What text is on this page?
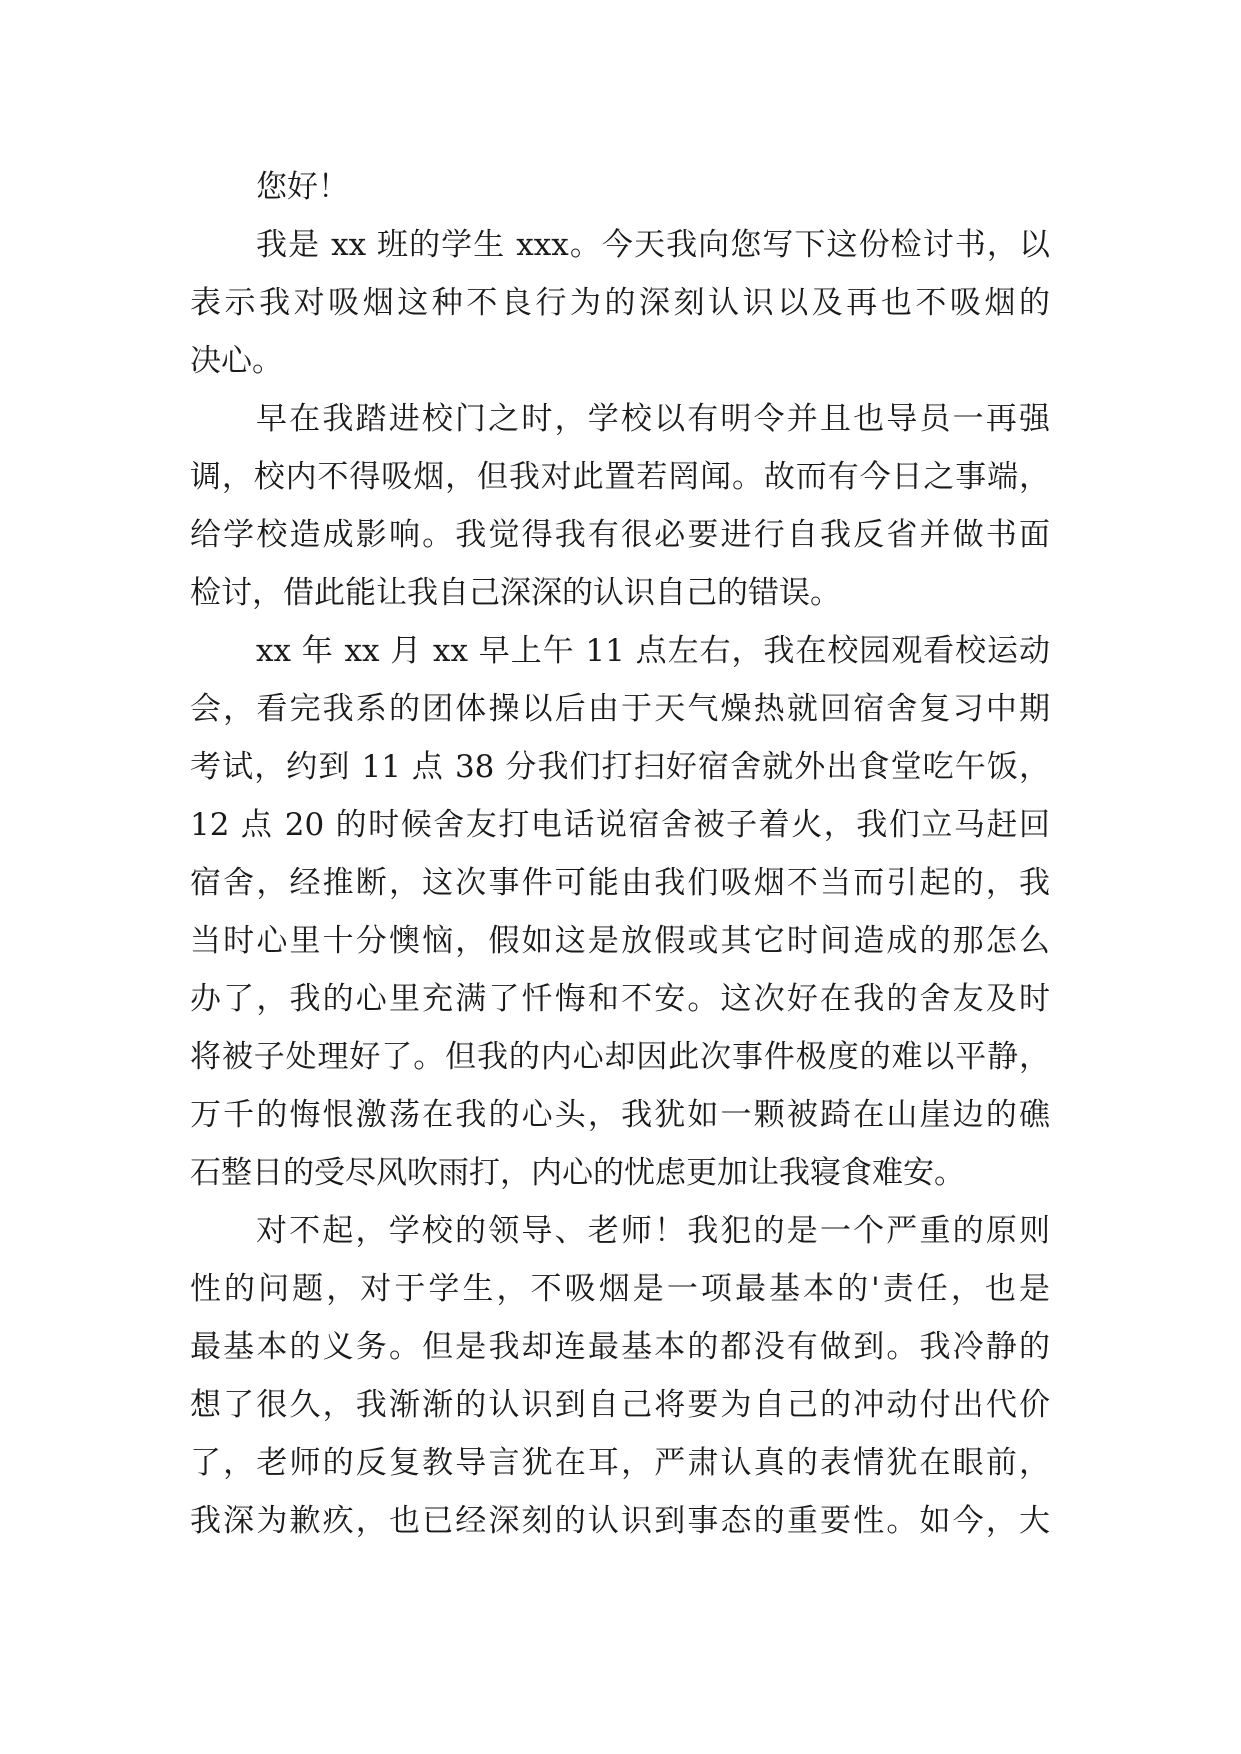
您好！
我是 xx 班的学生 xxx。今天我向您写下这份检讨书，以
表示我对吸烟这种不良行为的深刻认识以及再也不吸烟的
决心。
早在我踏进校门之时，学校以有明令并且也导员一再强
调，校内不得吸烟，但我对此置若罔闻。故而有今日之事端，
给学校造成影响。我觉得我有很必要进行自我反省并做书面
检讨，借此能让我自己深深的认识自己的错误。
xx 年 xx 月 xx 早上午 11 点左右，我在校园观看校运动
会，看完我系的团体操以后由于天气燥热就回宿舍复习中期
考试，约到 11 点 38 分我们打扫好宿舍就外出食堂吃午饭，
12 点 20 的时候舍友打电话说宿舍被子着火，我们立马赶回
宿舍，经推断，这次事件可能由我们吸烟不当而引起的，我
当时心里十分懊恼，假如这是放假或其它时间造成的那怎么
办了，我的心里充满了忏悔和不安。这次好在我的舍友及时
将被子处理好了。但我的内心却因此次事件极度的难以平静，
万千的悔恨激荡在我的心头，我犹如一颗被踦在山崖边的礁
石整日的受尽风吹雨打，内心的忧虑更加让我寝食难安。
对不起，学校的领导、老师！我犯的是一个严重的原则
性的问题，对于学生，不吸烟是一项最基本的'责任，也是
最基本的义务。但是我却连最基本的都没有做到。我冷静的
想了很久，我渐渐的认识到自己将要为自己的冲动付出代价
了，老师的反复教导言犹在耳，严肃认真的表情犹在眼前，
我深为歉疚，也已经深刻的认识到事态的重要性。如今，大
